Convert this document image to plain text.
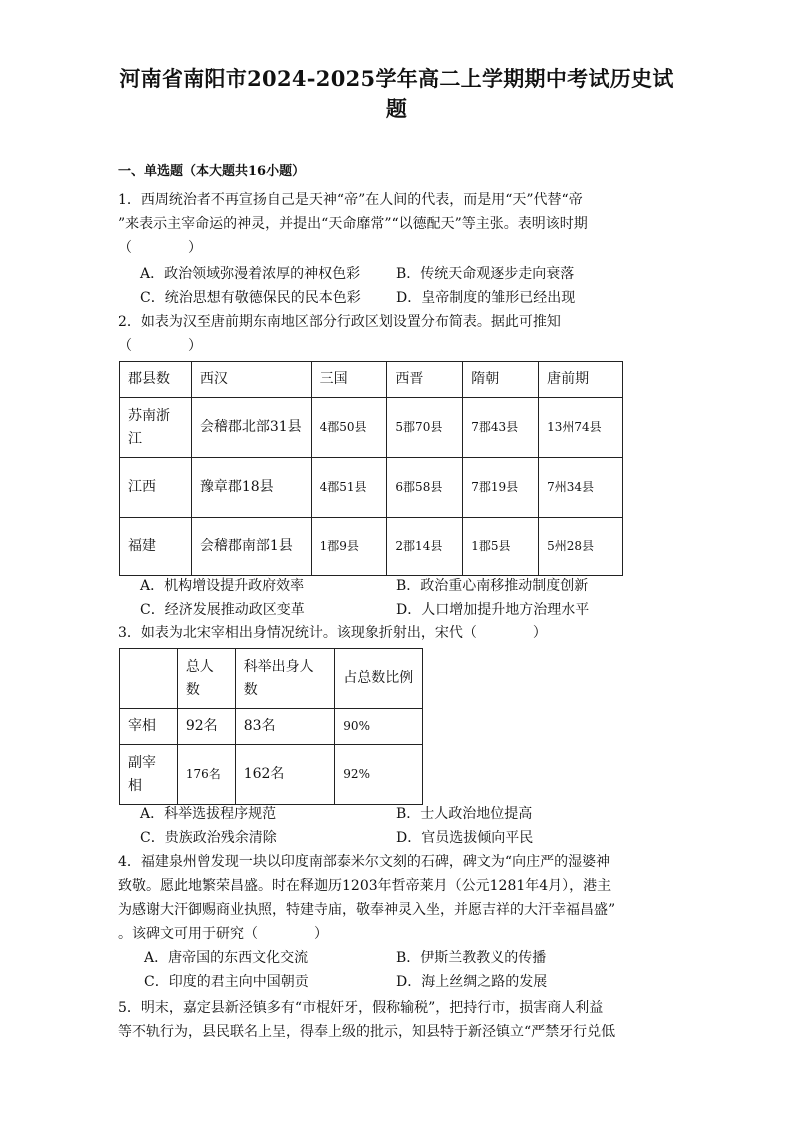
河南省南阳市2024-2025学年高二上学期期中考试历史试
题
一、单选题（本大题共16小题）
1．西周统治者不再宣扬自己是天神“帝”在人间的代表，而是用“天”代替“帝
”来表示主宰命运的神灵，并提出“天命靡常”“以德配天”等主张。表明该时期
（　　　　）
A．政治领域弥漫着浓厚的神权色彩	B．传统天命观逐步走向衰落
C．统治思想有敬德保民的民本色彩	D．皇帝制度的雏形已经出现
2．如表为汉至唐前期东南地区部分行政区划设置分布简表。据此可推知
（　　　　）
郡县数	西汉	三国	西晋	隋朝	唐前期
苏南浙江	会稽郡北部31县	4郡50县	5郡70县	7郡43县	13州74县
江西	豫章郡18县	4郡51县	6郡58县	7郡19县	7州34县
福建	会稽郡南部1县	1郡9县	2郡14县	1郡5县	5州28县
A．机构增设提升政府效率	B．政治重心南移推动制度创新
C．经济发展推动政区变革	D．人口增加提升地方治理水平
3．如表为北宋宰相出身情况统计。该现象折射出，宋代（　　　　）
	总人数	科举出身人数	占总数比例
宰相	92名	83名	90%
副宰相	176名	162名	92%
A．科举选拔程序规范	B．士人政治地位提高
C．贵族政治残余清除	D．官员选拔倾向平民
4．福建泉州曾发现一块以印度南部泰米尔文刻的石碑，碑文为“向庄严的湿婆神
致敬。愿此地繁荣昌盛。时在释迦历1203年哲帝莱月（公元1281年4月），港主
为感谢大汗御赐商业执照，特建寺庙，敬奉神灵入坐，并愿吉祥的大汗幸福昌盛”
。该碑文可用于研究（　　　　）
A．唐帝国的东西文化交流	B．伊斯兰教教义的传播
C．印度的君主向中国朝贡	D．海上丝绸之路的发展
5．明末，嘉定县新泾镇多有“市棍奸牙，假称输税”，把持行市，损害商人利益
等不轨行为，县民联名上呈，得奉上级的批示，知县特于新泾镇立“严禁牙行兑低
